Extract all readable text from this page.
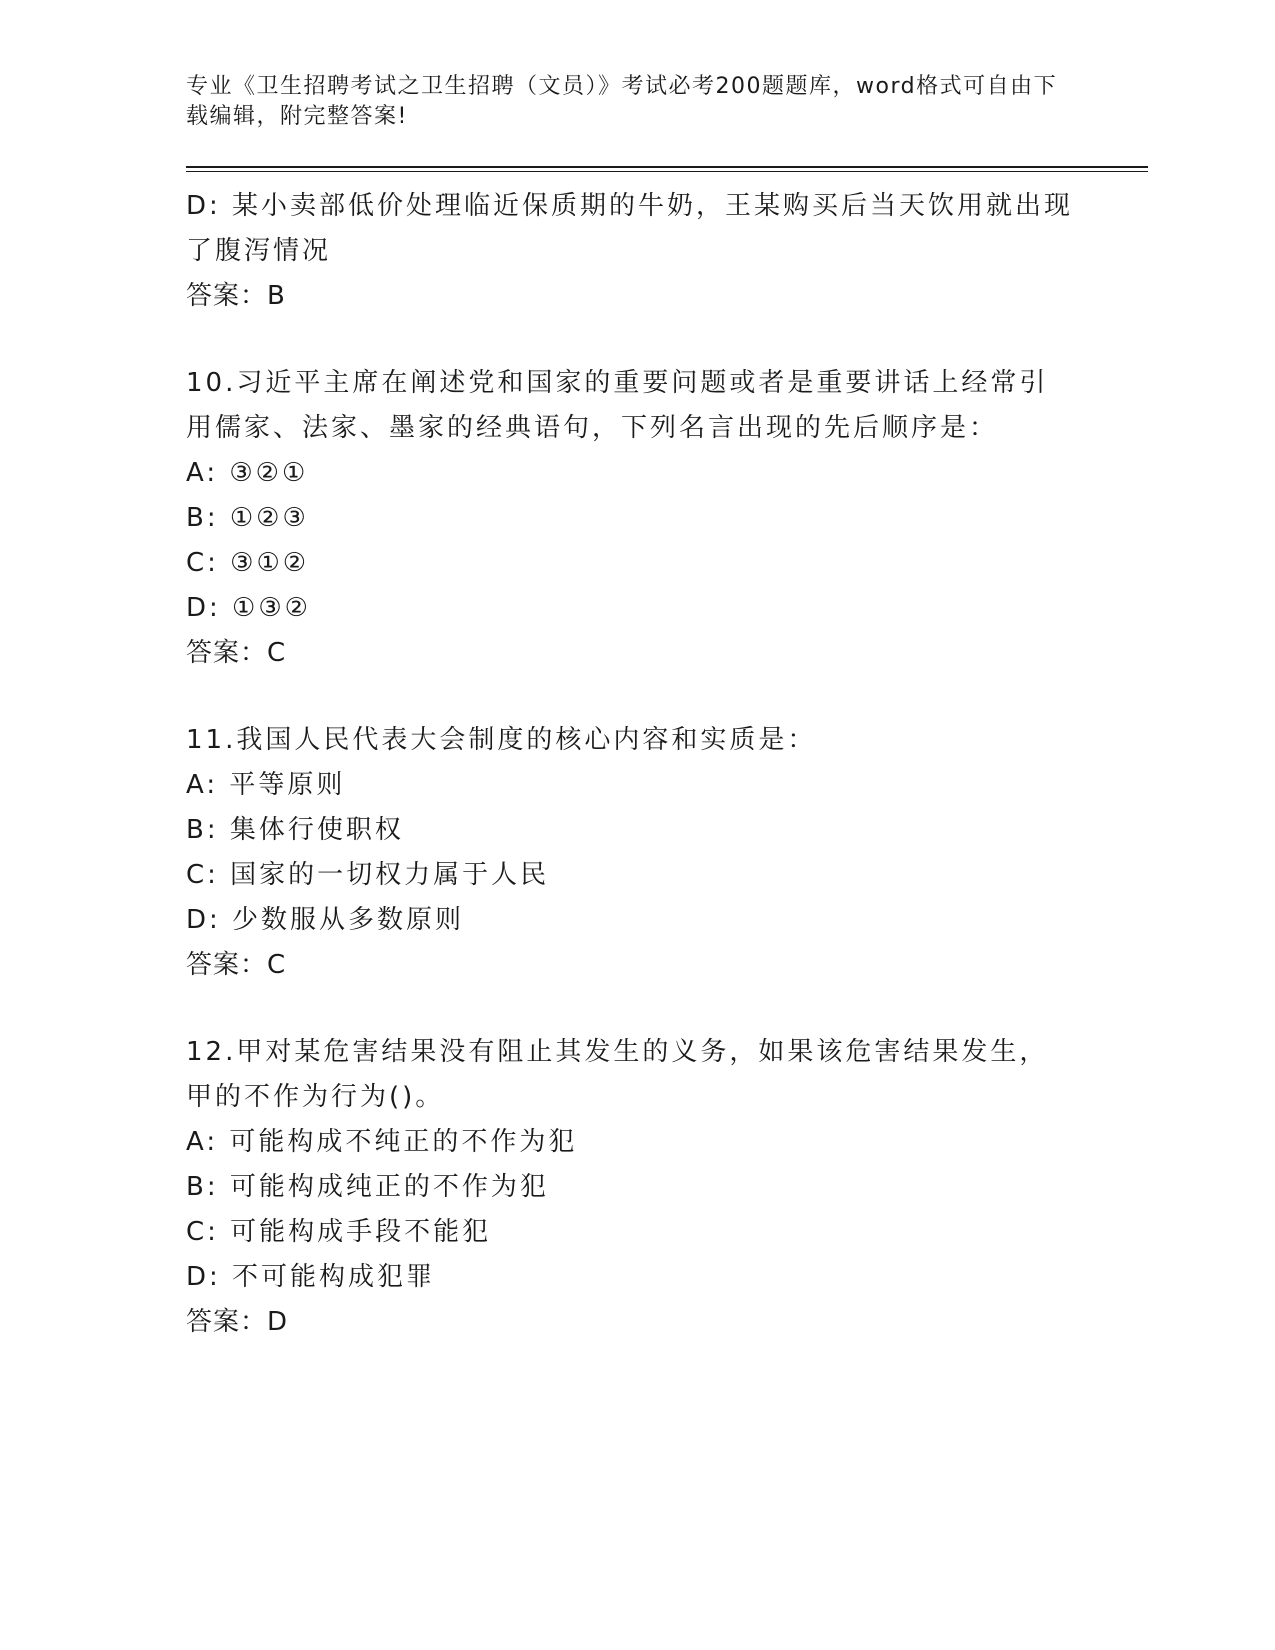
专业《卫生招聘考试之卫生招聘（文员）》考试必考200题题库，word格式可自由下载编辑，附完整答案!

D: 某小卖部低价处理临近保质期的牛奶，王某购买后当天饮用就出现了腹泻情况

答案：B

10.习近平主席在阐述党和国家的重要问题或者是重要讲话上经常引用儒家、法家、墨家的经典语句，下列名言出现的先后顺序是：

A: ③②①

B: ①②③

C: ③①②

D: ①③②

答案：C

11.我国人民代表大会制度的核心内容和实质是：

A: 平等原则

B: 集体行使职权

C: 国家的一切权力属于人民

D: 少数服从多数原则

答案：C

12.甲对某危害结果没有阻止其发生的义务，如果该危害结果发生，甲的不作为行为()。

A: 可能构成不纯正的不作为犯

B: 可能构成纯正的不作为犯

C: 可能构成手段不能犯

D: 不可能构成犯罪

答案：D
